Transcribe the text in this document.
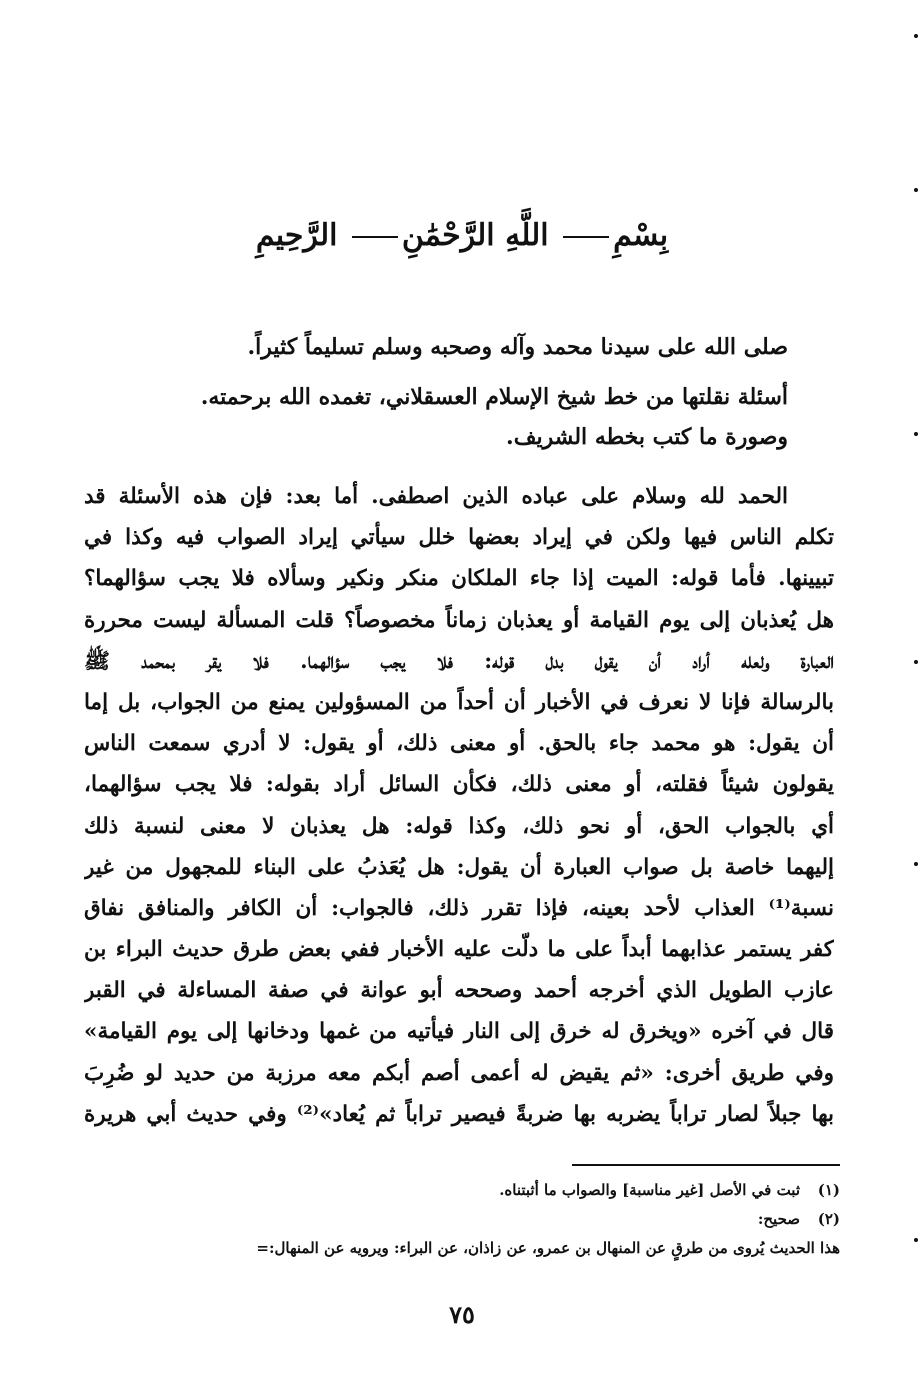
بِسْمِ اللَّهِ الرَّحْمَٰنِ الرَّحِيمِ

صلى الله على سيدنا محمد وآله وصحبه وسلم تسليماً كثيراً.

أسئلة نقلتها من خط شيخ الإسلام العسقلاني، تغمده الله برحمته.

وصورة ما كتب بخطه الشريف.

الحمد لله وسلام على عباده الذين اصطفى. أما بعد: فإن هذه الأسئلة قد
تكلم الناس فيها ولكن في إيراد بعضها خلل سيأتي إيراد الصواب فيه وكذا في
تبيينها. فأما قوله: الميت إذا جاء الملكان منكر ونكير وسألاه فلا يجب سؤالهما؟
هل يُعذبان إلى يوم القيامة أو يعذبان زماناً مخصوصاً؟ قلت المسألة ليست محررة
العبارة ولعله أراد أن يقول بدل قوله: فلا يجب سؤالهما. فلا يقر بمحمد ﷺ
بالرسالة فإنا لا نعرف في الأخبار أن أحداً من المسؤولين يمنع من الجواب، بل إما
أن يقول: هو محمد جاء بالحق. أو معنى ذلك، أو يقول: لا أدري سمعت الناس
يقولون شيئاً فقلته، أو معنى ذلك، فكأن السائل أراد بقوله: فلا يجب سؤالهما،
أي بالجواب الحق، أو نحو ذلك، وكذا قوله: هل يعذبان لا معنى لنسبة ذلك
إليهما خاصة بل صواب العبارة أن يقول: هل يُعَذبُ على البناء للمجهول من غير
نسبة⁽¹⁾ العذاب لأحد بعينه، فإذا تقرر ذلك، فالجواب: أن الكافر والمنافق نفاق
كفر يستمر عذابهما أبداً على ما دلّت عليه الأخبار ففي بعض طرق حديث البراء بن
عازب الطويل الذي أخرجه أحمد وصححه أبو عوانة في صفة المساءلة في القبر
قال في آخره «ويخرق له خرق إلى النار فيأتيه من غمها ودخانها إلى يوم القيامة»
وفي طريق أخرى: «ثم يقيض له أعمى أصم أبكم معه مرزبة من حديد لو ضُرِبَ
بها جبلاً لصار تراباً يضربه بها ضربةً فيصير تراباً ثم يُعاد»⁽²⁾ وفي حديث أبي هريرة

(١)ثبت في الأصل [غير مناسبة] والصواب ما أثبتناه.

(٢)صحيح:

هذا الحديث يُروى من طرقٍ عن المنهال بن عمرو، عن زاذان، عن البراء: ويرويه عن المنهال:=

٧٥
